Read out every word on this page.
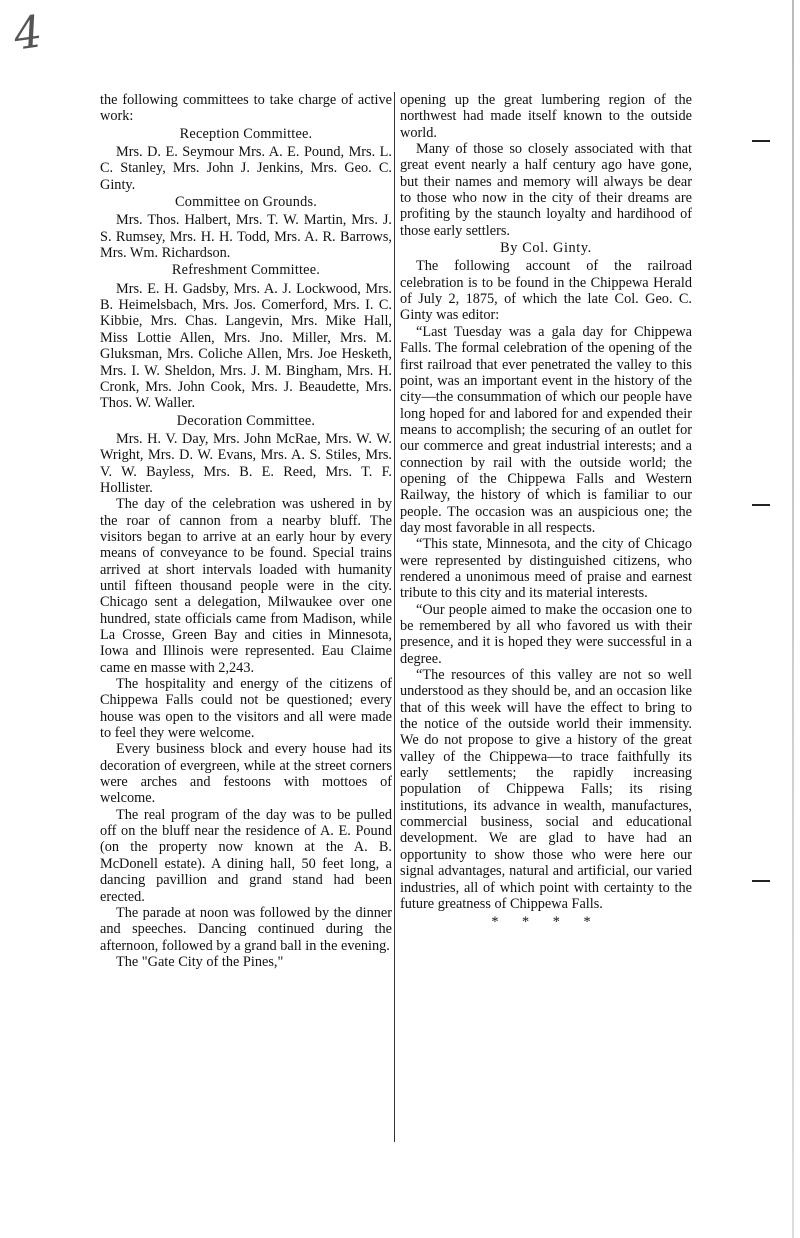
4

the following committees to take charge of active work:

Reception Committee.

Mrs. D. E. Seymour Mrs. A. E. Pound, Mrs. L. C. Stanley, Mrs. John J. Jenkins, Mrs. Geo. C. Ginty.

Committee on Grounds.

Mrs. Thos. Halbert, Mrs. T. W. Martin, Mrs. J. S. Rumsey, Mrs. H. H. Todd, Mrs. A. R. Barrows, Mrs. Wm. Richardson.

Refreshment Committee.

Mrs. E. H. Gadsby, Mrs. A. J. Lockwood, Mrs. B. Heimelsbach, Mrs. Jos. Comerford, Mrs. I. C. Kibbie, Mrs. Chas. Langevin, Mrs. Mike Hall, Miss Lottie Allen, Mrs. Jno. Miller, Mrs. M. Gluksman, Mrs. Coliche Allen, Mrs. Joe Hesketh, Mrs. I. W. Sheldon, Mrs. J. M. Bingham, Mrs. H. Cronk, Mrs. John Cook, Mrs. J. Beaudette, Mrs. Thos. W. Waller.

Decoration Committee.

Mrs. H. V. Day, Mrs. John McRae, Mrs. W. W. Wright, Mrs. D. W. Evans, Mrs. A. S. Stiles, Mrs. V. W. Bayless, Mrs. B. E. Reed, Mrs. T. F. Hollister.

The day of the celebration was ushered in by the roar of cannon from a nearby bluff. The visitors began to arrive at an early hour by every means of conveyance to be found. Special trains arrived at short intervals loaded with humanity until fifteen thousand people were in the city. Chicago sent a delegation, Milwaukee over one hundred, state officials came from Madison, while La Crosse, Green Bay and cities in Minnesota, Iowa and Illinois were represented. Eau Claime came en masse with 2,243.

The hospitality and energy of the citizens of Chippewa Falls could not be questioned; every house was open to the visitors and all were made to feel they were welcome.

Every business block and every house had its decoration of evergreen, while at the street corners were arches and festoons with mottoes of welcome.

The real program of the day was to be pulled off on the bluff near the residence of A. E. Pound (on the property now known at the A. B. McDonell estate). A dining hall, 50 feet long, a dancing pavillion and grand stand had been erected.

The parade at noon was followed by the dinner and speeches. Dancing continued during the afternoon, followed by a grand ball in the evening.

The "Gate City of the Pines,"

opening up the great lumbering region of the northwest had made itself known to the outside world.

Many of those so closely associated with that great event nearly a half century ago have gone, but their names and memory will always be dear to those who now in the city of their dreams are profiting by the staunch loyalty and hardihood of those early settlers.

By Col. Ginty.

The following account of the railroad celebration is to be found in the Chippewa Herald of July 2, 1875, of which the late Col. Geo. C. Ginty was editor:

“Last Tuesday was a gala day for Chippewa Falls. The formal celebration of the opening of the first railroad that ever penetrated the valley to this point, was an important event in the history of the city—the consummation of which our people have long hoped for and labored for and expended their means to accomplish; the securing of an outlet for our commerce and great industrial interests; and a connection by rail with the outside world; the opening of the Chippewa Falls and Western Railway, the history of which is familiar to our people. The occasion was an auspicious one; the day most favorable in all respects.

“This state, Minnesota, and the city of Chicago were represented by distinguished citizens, who rendered a unonimous meed of praise and earnest tribute to this city and its material interests.

“Our people aimed to make the occasion one to be remembered by all who favored us with their presence, and it is hoped they were successful in a degree.

“The resources of this valley are not so well understood as they should be, and an occasion like that of this week will have the effect to bring to the notice of the outside world their immensity. We do not propose to give a history of the great valley of the Chippewa—to trace faithfully its early settlements; the rapidly increasing population of Chippewa Falls; its rising institutions, its advance in wealth, manufactures, commercial business, social and educational development. We are glad to have had an opportunity to show those who were here our signal advantages, natural and artificial, our varied industries, all of which point with certainty to the future greatness of Chippewa Falls.

* * * *
